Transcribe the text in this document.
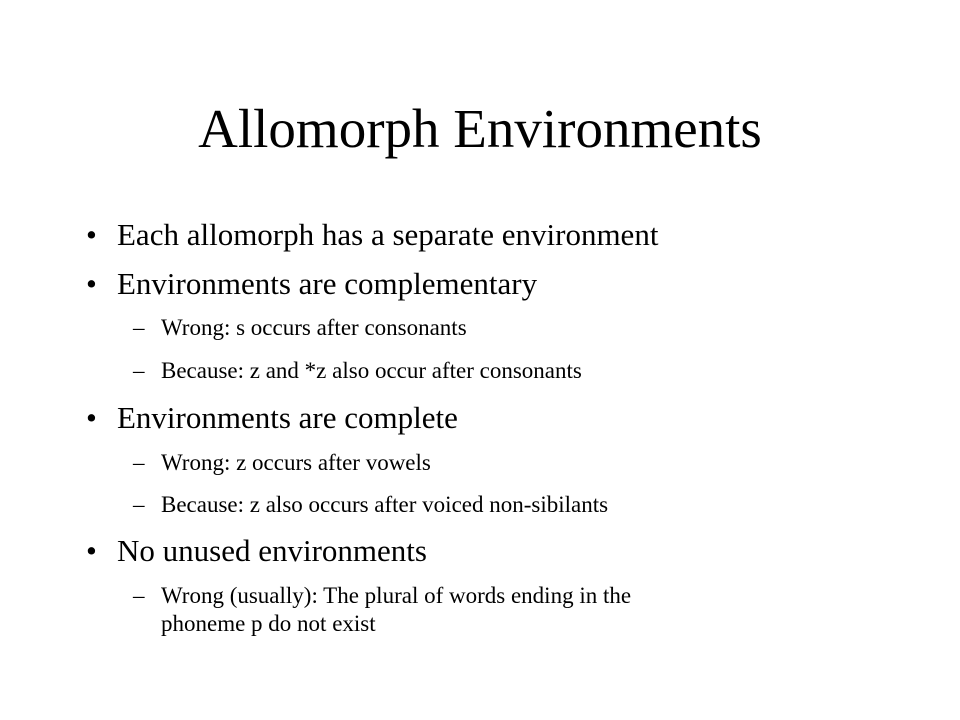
Allomorph Environments
• Each allomorph has a separate environment
• Environments are complementary
– Wrong: s occurs after consonants
– Because: z and *z also occur after consonants
• Environments are complete
– Wrong: z occurs after vowels
– Because: z also occurs after voiced non-sibilants
• No unused environments
– Wrong (usually): The plural of words ending in the
phoneme p do not exist
